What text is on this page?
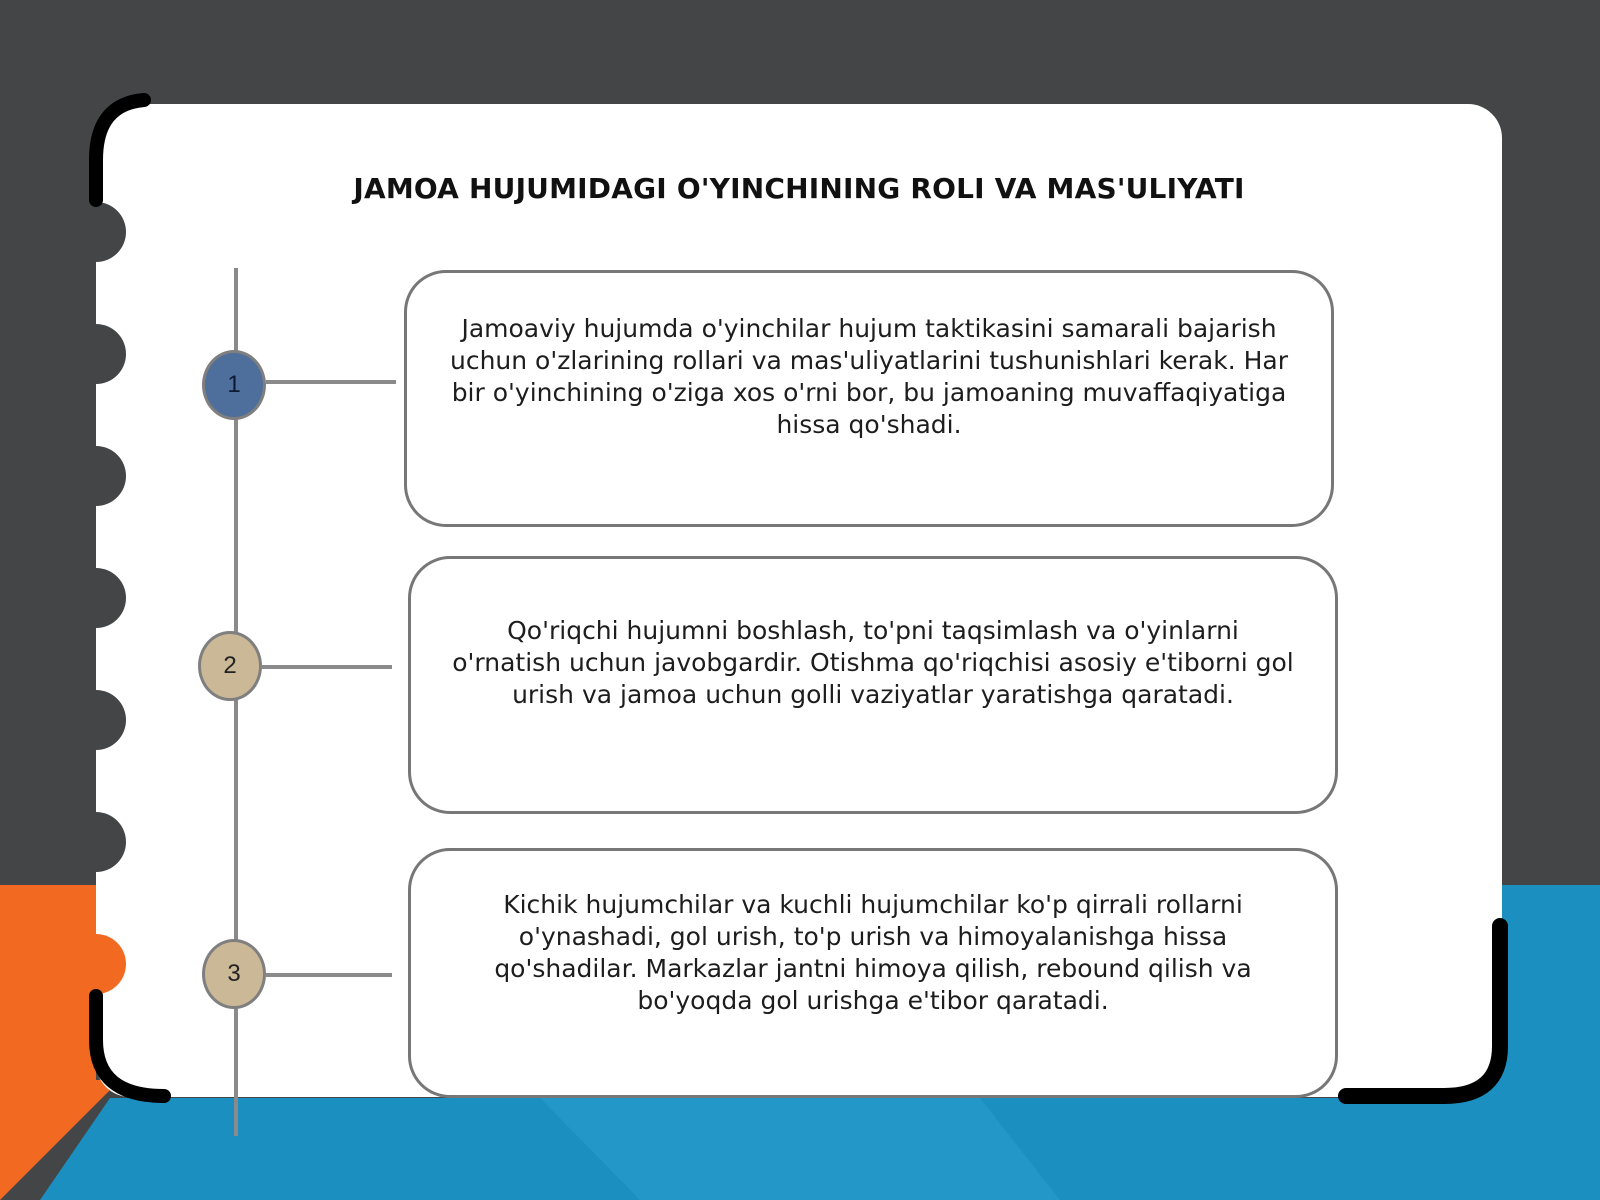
JAMOA HUJUMIDAGI O'YINCHINING ROLI VA MAS'ULIYATI
1
2
3

Jamoaviy hujumda o'yinchilar hujum taktikasini samarali bajarish uchun o'zlarining rollari va mas'uliyatlarini tushunishlari kerak. Har bir o'yinchining o'ziga xos o'rni bor, bu jamoaning muvaffaqiyatiga hissa qo'shadi.

Qo'riqchi hujumni boshlash, to'pni taqsimlash va o'yinlarni o'rnatish uchun javobgardir. Otishma qo'riqchisi asosiy e'tiborni gol urish va jamoa uchun golli vaziyatlar yaratishga qaratadi.

Kichik hujumchilar va kuchli hujumchilar ko'p qirrali rollarni o'ynashadi, gol urish, to'p urish va himoyalanishga hissa qo'shadilar. Markazlar jantni himoya qilish, rebound qilish va bo'yoqda gol urishga e'tibor qaratadi.
